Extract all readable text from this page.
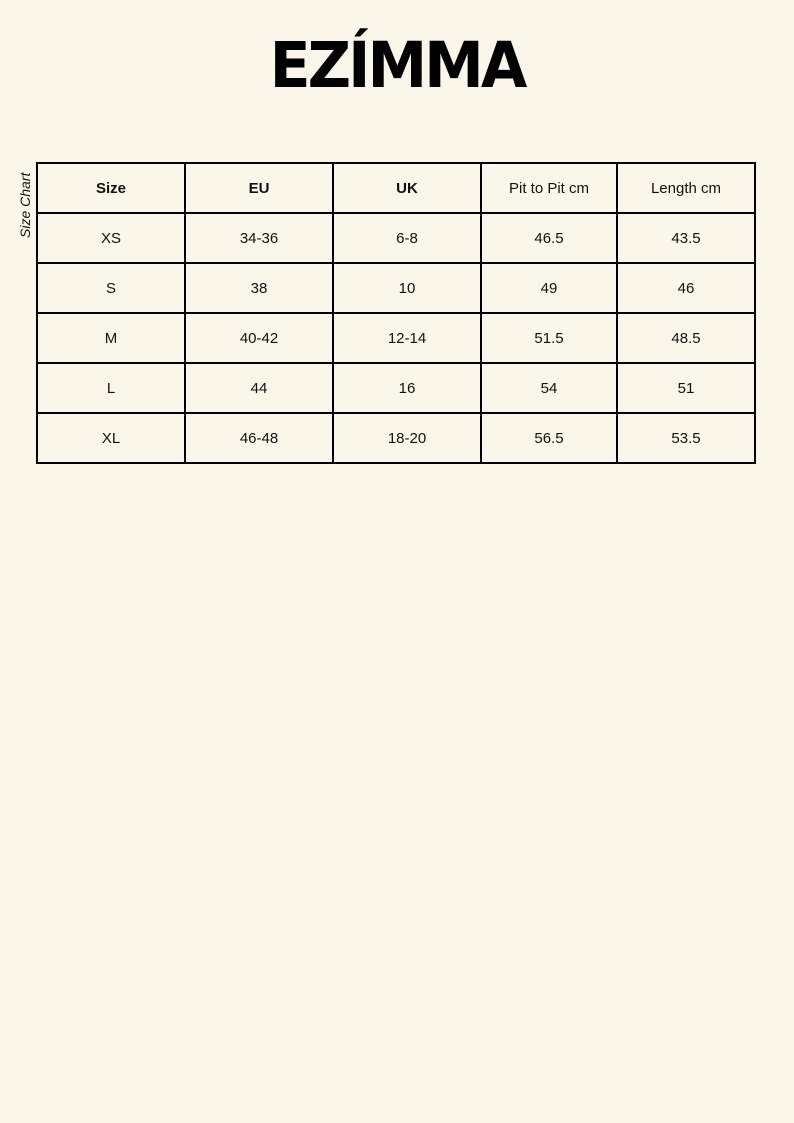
EZÍMMA
Size Chart	Size	EU	UK	Pit to Pit cm	Length cm
XS	34-36	6-8	46.5	43.5
S	38	10	49	46
M	40-42	12-14	51.5	48.5
L	44	16	54	51
XL	46-48	18-20	56.5	53.5
